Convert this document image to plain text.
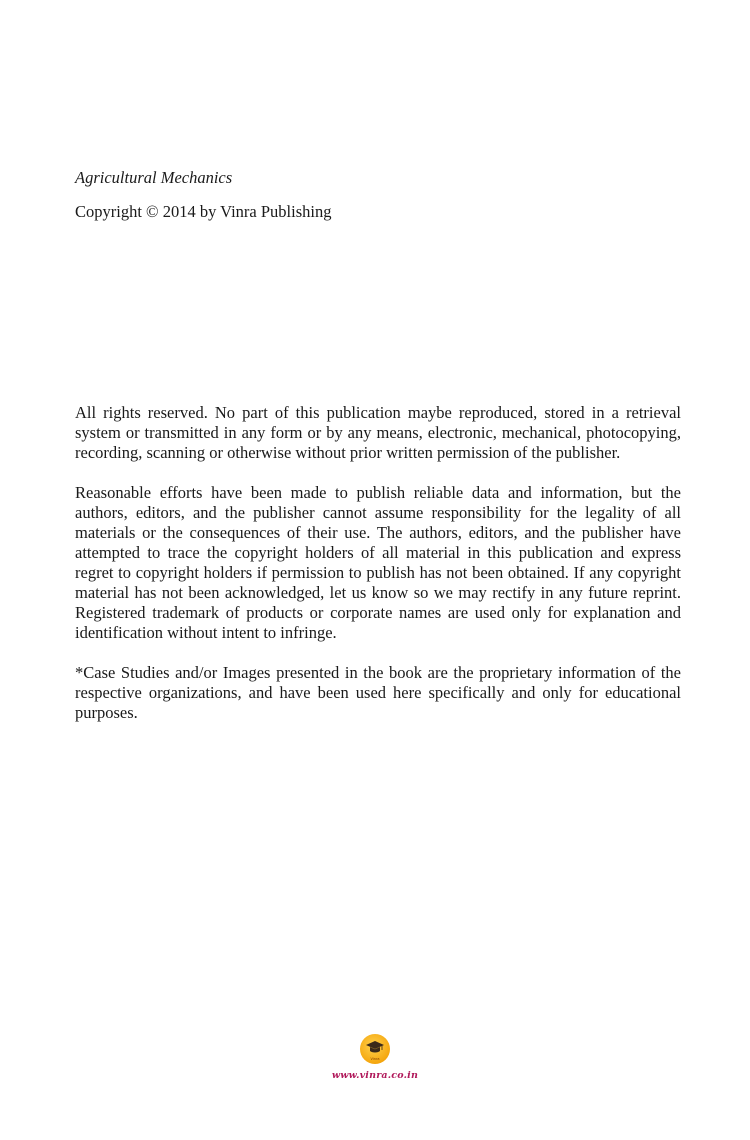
Agricultural Mechanics

Copyright © 2014 by Vinra Publishing

All rights reserved. No part of this publication maybe reproduced, stored in a retrieval system or transmitted in any form or by any means, electronic, mechanical, photocopying, recording, scanning or otherwise without prior written permission of the publisher.

Reasonable efforts have been made to publish reliable data and information, but the authors, editors, and the publisher cannot assume responsibility for the legality of all materials or the consequences of their use. The authors, editors, and the publisher have attempted to trace the copyright holders of all material in this publication and express regret to copyright holders if permission to publish has not been obtained. If any copyright material has not been acknowledged, let us know so we may rectify in any future reprint. Registered trademark of products or corporate names are used only for explanation and identification without intent to infringe.

*Case Studies and/or Images presented in the book are the proprietary information of the respective organizations, and have been used here specifically and only for educational purposes.

Vinra
www.vinra.co.in
